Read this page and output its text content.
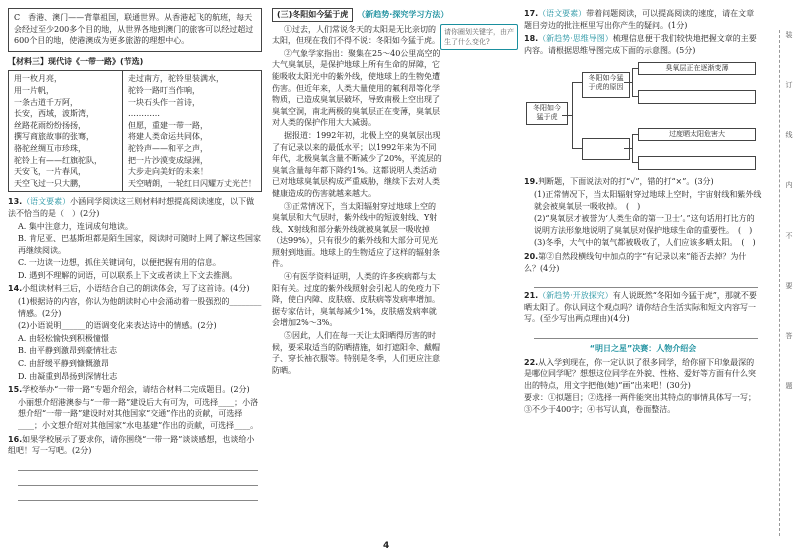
C　香港、澳门——背靠祖国，联通世界。从香港起飞的航班，每天会经过至少200多个目的地，从世界各地到澳门的旅客可以经过超过600个目的地，使港澳成为更多旅游的理想中心。

【材料三】现代诗《一带一路》(节选)
用一枚月亮，
用一片帆，
一条古道千万阿，
长安，西域，波斯湾，
丝路花雨纷纷扬扬，
撰写商旅故事的张骞，
骆驼丝绸互市珍珠，
驼铃上有——红旗驼队，
天安飞，一片春风，
天空飞过一只大鹏，
走过南方，驼铃里装满水，
驼铃一路叮当作响，
一块石头作一首诗，
…………
但愿，重建一带一路，
将建人类命运共同体，
驼铃声——和平之声，
把一片沙漠变成绿洲，
大步走向美好的未来！
天空晴朗，一轮红日闪耀万丈光芒！

13.（语文要素）小涵同学阅读这三则材料时想提高阅读速度，以下做法不恰当的是（　）(2分)

A. 集中注意力，连词成句地读。

B. 肯尼亚、巴基斯坦都是陌生国家，阅读时可随时上网了解这些国家再继续阅读。

C. 一边读一边想，抓住关键词句，以便把握有用的信息。

D. 遇到不理解的词语，可以联系上下文或者读上下文去推测。

14.小组读材料三后，小语结合自己的朗读体会，写了这首诗。(4分)

(1)根据诗的内容，你认为他朗读时心中会涌动着一股强烈的________情感。(2分)

(2)小语说明______的语调变化来表达诗中的情感。(2分)

A. 由轻松愉快到积极憧憬

B. 由平静到激昂到豪情壮志

C. 由舒缓平静到慷慨激昂

D. 由凝重到昂扬到深情壮志

15.学校举办“一带一路”专题介绍会，请结合材料二完成题目。(2分)

小丽想介绍港澳参与“一带一路”建设后大有可为，可选择____；小洛想介绍“一带一路”建设时对其他国家“交通”作出的贡献，可选择____；小文想介绍对其他国家“水电基建”作出的贡献，可选择____。

16.如果学校展示了要求你，请你围绕“一带一路”谈谈感想，也谈给小组吧！写一写吧。(2分)

(三)冬阳如今猛于虎	（新趋势·探究学习方法）
请你圈划关键字，由产生了什么变化?

①过去，人们常说冬天的太阳是无比亲切的太阳，但现在我们不得不说：冬阳如今猛于虎。

②气象学家指出：聚集在25～40公里高空的大气臭氧层，是保护地球上所有生命的屏障，它能吸收太阳光中的紫外线，使地球上的生物免遭伤害。但近年来，人类大量使用的氟利昂等化学物质，已造成臭氧层破坏，导致南极上空出现了臭氧空洞，南北两极的臭氧层正在变薄，臭氧层对人类的保护作用大大减弱。

据报道：1992年初，北极上空的臭氧层出现了有记录以来的最低水平；以1992年来为不同年代，北极臭氧含量不断减少了20%，平流层的臭氧含量每年都下降约1%。这都说明人类活动已对地球臭氧层构成严重威胁，继续下去对人类健康造成的伤害就越来越大。

③正常情况下，当太阳辐射穿过地球上空的臭氧层和大气层时，紫外线中的短波射线、Y射线、X射线和部分紫外线就被臭氧层一吸收掉（达99%），只有很少的紫外线和大部分可见光照射到地面。地球上的生物适应了这样的辐射条件。

④有医学资料证明，人类的许多疾病都与太阳有关。过度的紫外线照射会引起人的免疫力下降，使白内障、皮肤癌、皮肤病等发病率增加。据专家估计，臭氧每减少1%，皮肤癌发病率就会增加2%～3%。

⑤因此，人们在每一天让太阳晒得厉害的时候，要采取适当的防晒措施，如打遮阳伞、戴帽子、穿长袖衣服等。特别是冬季，人们更应注意防晒。

17.（语文要素）带着问题阅读，可以提高阅读的速度，请在文章题目旁边的批注框里写出你产生的疑问。(1分)

18.（新趋势·思维导图）梳理信息便于我们较快地把握文章的主要内容。请根据思维导图完成下面的示意图。(5分)

冬阳如今猛于虎
冬阳如今猛于虎的原因
臭氧层正在逐渐变薄
过度晒太阳危害大

19.判断题，下面说法对的打“√”，错的打“×”。(3分)

(1)正常情况下，当太阳辐射穿过地球上空时，宇宙射线和紫外线就会被臭氧层一吸收掉。　(　)

(2)“臭氧层才被誉为‘人类生命的第一卫士’。”这句话用打比方的说明方法形象地说明了臭氧层对保护地球生命的重要性。　(　)

(3)冬季，大气中的氧气都被吸收了，人们应该多晒太阳。　(　)

20.第②自然段横线句中加点的字“有记录以来”能否去掉？为什么？(4分)

21.（新趋势·开放探究）有人说既然“冬阳如今猛于虎”，那就不要晒太阳了。你认同这个观点吗？请你结合生活实际和短文内容写一写。(至少写出两点理由)(4分)

“明日之星”决赛：人物介绍会

22.从入学到现在，你一定认识了很多同学，给你留下印象最深的是哪位同学呢？想想这位同学在外貌、性格、爱好等方面有什么突出的特点，用文字把他(她)“画”出来吧！(30分)

要求：①拟题目；②选择一两件能突出其特点的事情具体写一写；③不少于400字；④书写认真，卷面整洁。

4
装
订
线
内
不
要
答
题
